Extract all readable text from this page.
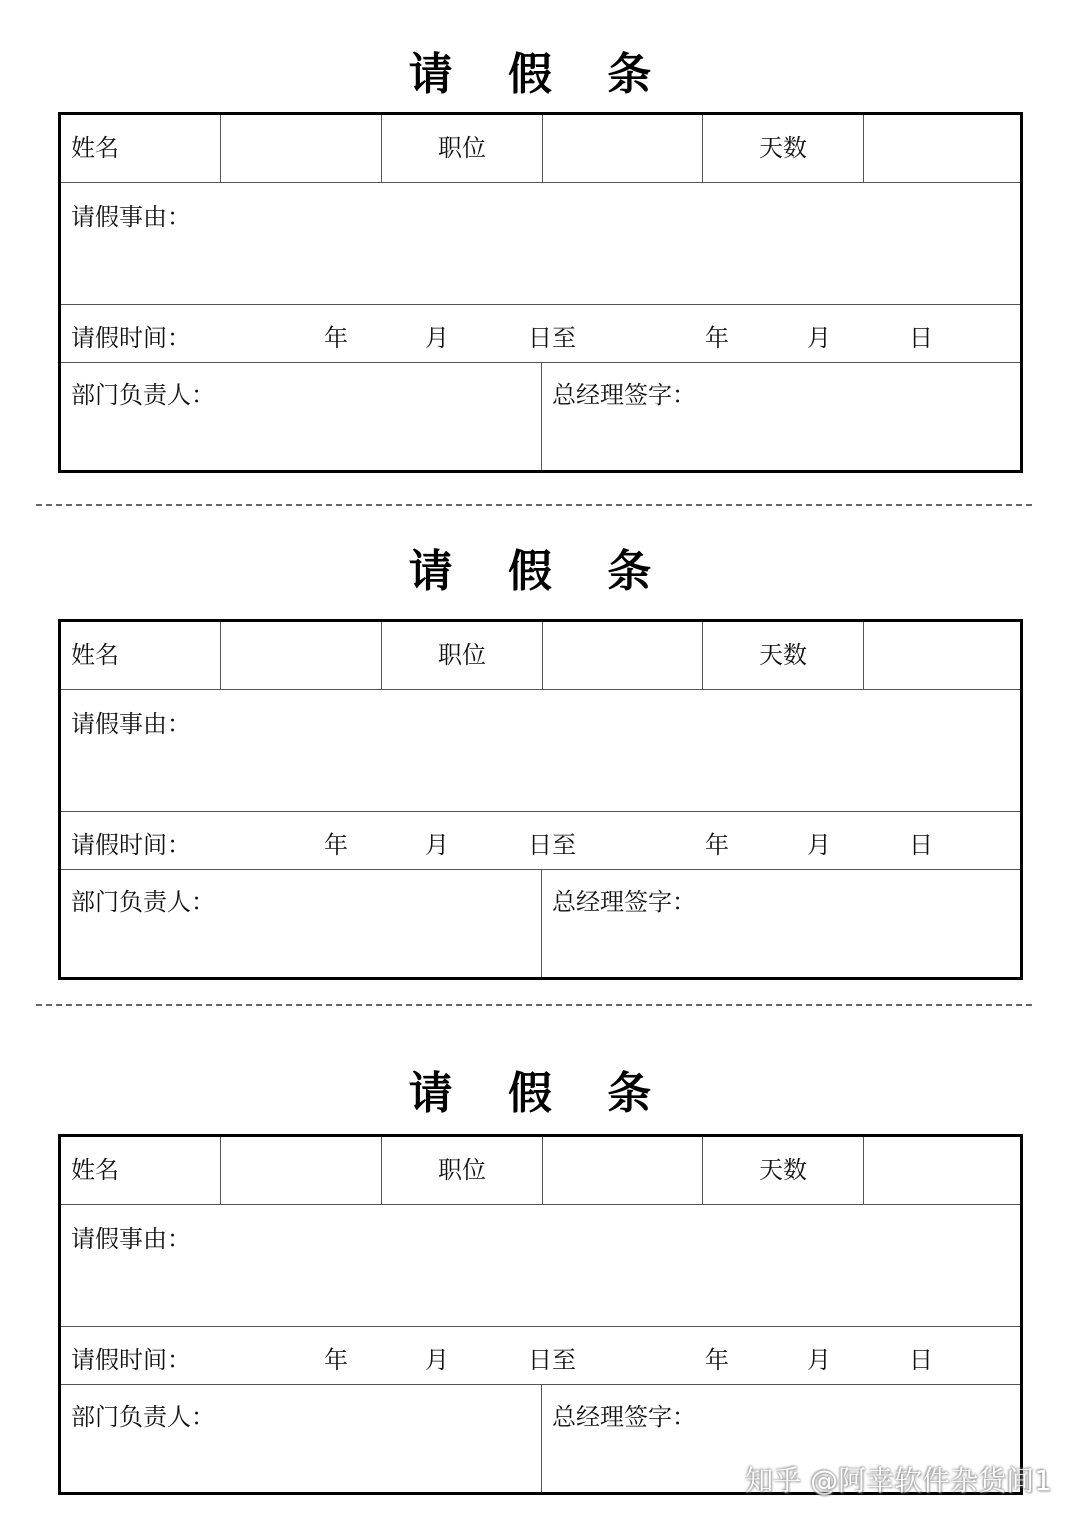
请 假 条
姓名	职位	天数
请假事由：
请假时间：	年	月	日至	年	月	日
部门负责人：	总经理签字：
请 假 条
姓名	职位	天数
请假事由：
请假时间：	年	月	日至	年	月	日
部门负责人：	总经理签字：
请 假 条
姓名	职位	天数
请假事由：
请假时间：	年	月	日至	年	月	日
部门负责人：	总经理签字：
知乎 @阿幸软件杂货间1
